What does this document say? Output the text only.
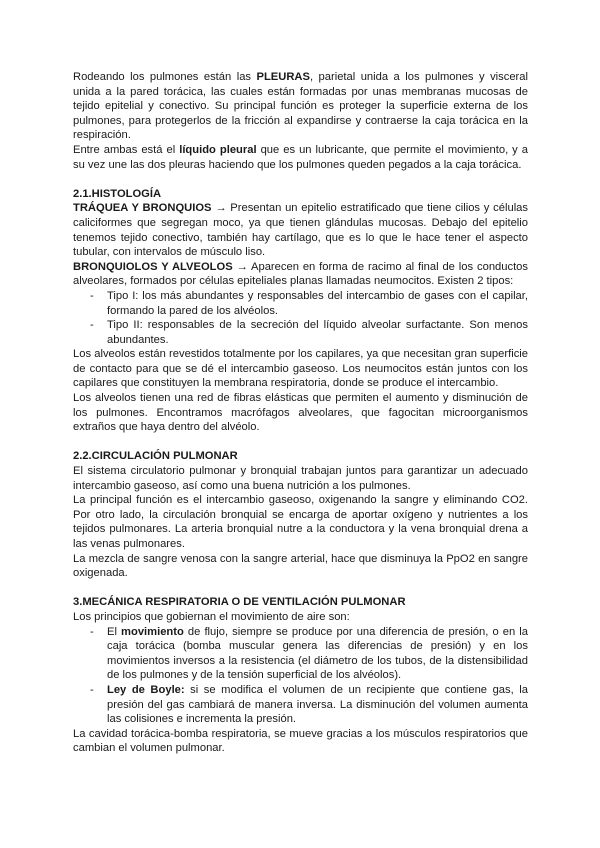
Rodeando los pulmones están las PLEURAS, parietal unida a los pulmones y visceral unida a la pared torácica, las cuales están formadas por unas membranas mucosas de tejido epitelial y conectivo. Su principal función es proteger la superficie externa de los pulmones, para protegerlos de la fricción al expandirse y contraerse la caja torácica en la respiración.

Entre ambas está el líquido pleural que es un lubricante, que permite el movimiento, y a su vez une las dos pleuras haciendo que los pulmones queden pegados a la caja torácica.

2.1.HISTOLOGÍA

TRÁQUEA Y BRONQUIOS → Presentan un epitelio estratificado que tiene cilios y células caliciformes que segregan moco, ya que tienen glándulas mucosas. Debajo del epitelio tenemos tejido conectivo, también hay cartílago, que es lo que le hace tener el aspecto tubular, con intervalos de músculo liso.

BRONQUIOLOS Y ALVEOLOS → Aparecen en forma de racimo al final de los conductos alveolares, formados por células epiteliales planas llamadas neumocitos. Existen 2 tipos:

- Tipo I: los más abundantes y responsables del intercambio de gases con el capilar, formando la pared de los alvéolos.
- Tipo II: responsables de la secreción del líquido alveolar surfactante. Son menos abundantes.

Los alveolos están revestidos totalmente por los capilares, ya que necesitan gran superficie de contacto para que se dé el intercambio gaseoso. Los neumocitos están juntos con los capilares que constituyen la membrana respiratoria, donde se produce el intercambio.

Los alveolos tienen una red de fibras elásticas que permiten el aumento y disminución de los pulmones. Encontramos macrófagos alveolares, que fagocitan microorganismos extraños que haya dentro del alvéolo.

2.2.CIRCULACIÓN PULMONAR

El sistema circulatorio pulmonar y bronquial trabajan juntos para garantizar un adecuado intercambio gaseoso, así como una buena nutrición a los pulmones.

La principal función es el intercambio gaseoso, oxigenando la sangre y eliminando CO2. Por otro lado, la circulación bronquial se encarga de aportar oxígeno y nutrientes a los tejidos pulmonares. La arteria bronquial nutre a la conductora y la vena bronquial drena a las venas pulmonares.

La mezcla de sangre venosa con la sangre arterial, hace que disminuya la PpO2 en sangre oxigenada.

3.MECÁNICA RESPIRATORIA O DE VENTILACIÓN PULMONAR

Los principios que gobiernan el movimiento de aire son:

- El movimiento de flujo, siempre se produce por una diferencia de presión, o en la caja torácica (bomba muscular genera las diferencias de presión) y en los movimientos inversos a la resistencia (el diámetro de los tubos, de la distensibilidad de los pulmones y de la tensión superficial de los alvéolos).
- Ley de Boyle: si se modifica el volumen de un recipiente que contiene gas, la presión del gas cambiará de manera inversa. La disminución del volumen aumenta las colisiones e incrementa la presión.

La cavidad torácica-bomba respiratoria, se mueve gracias a los músculos respiratorios que cambian el volumen pulmonar.
